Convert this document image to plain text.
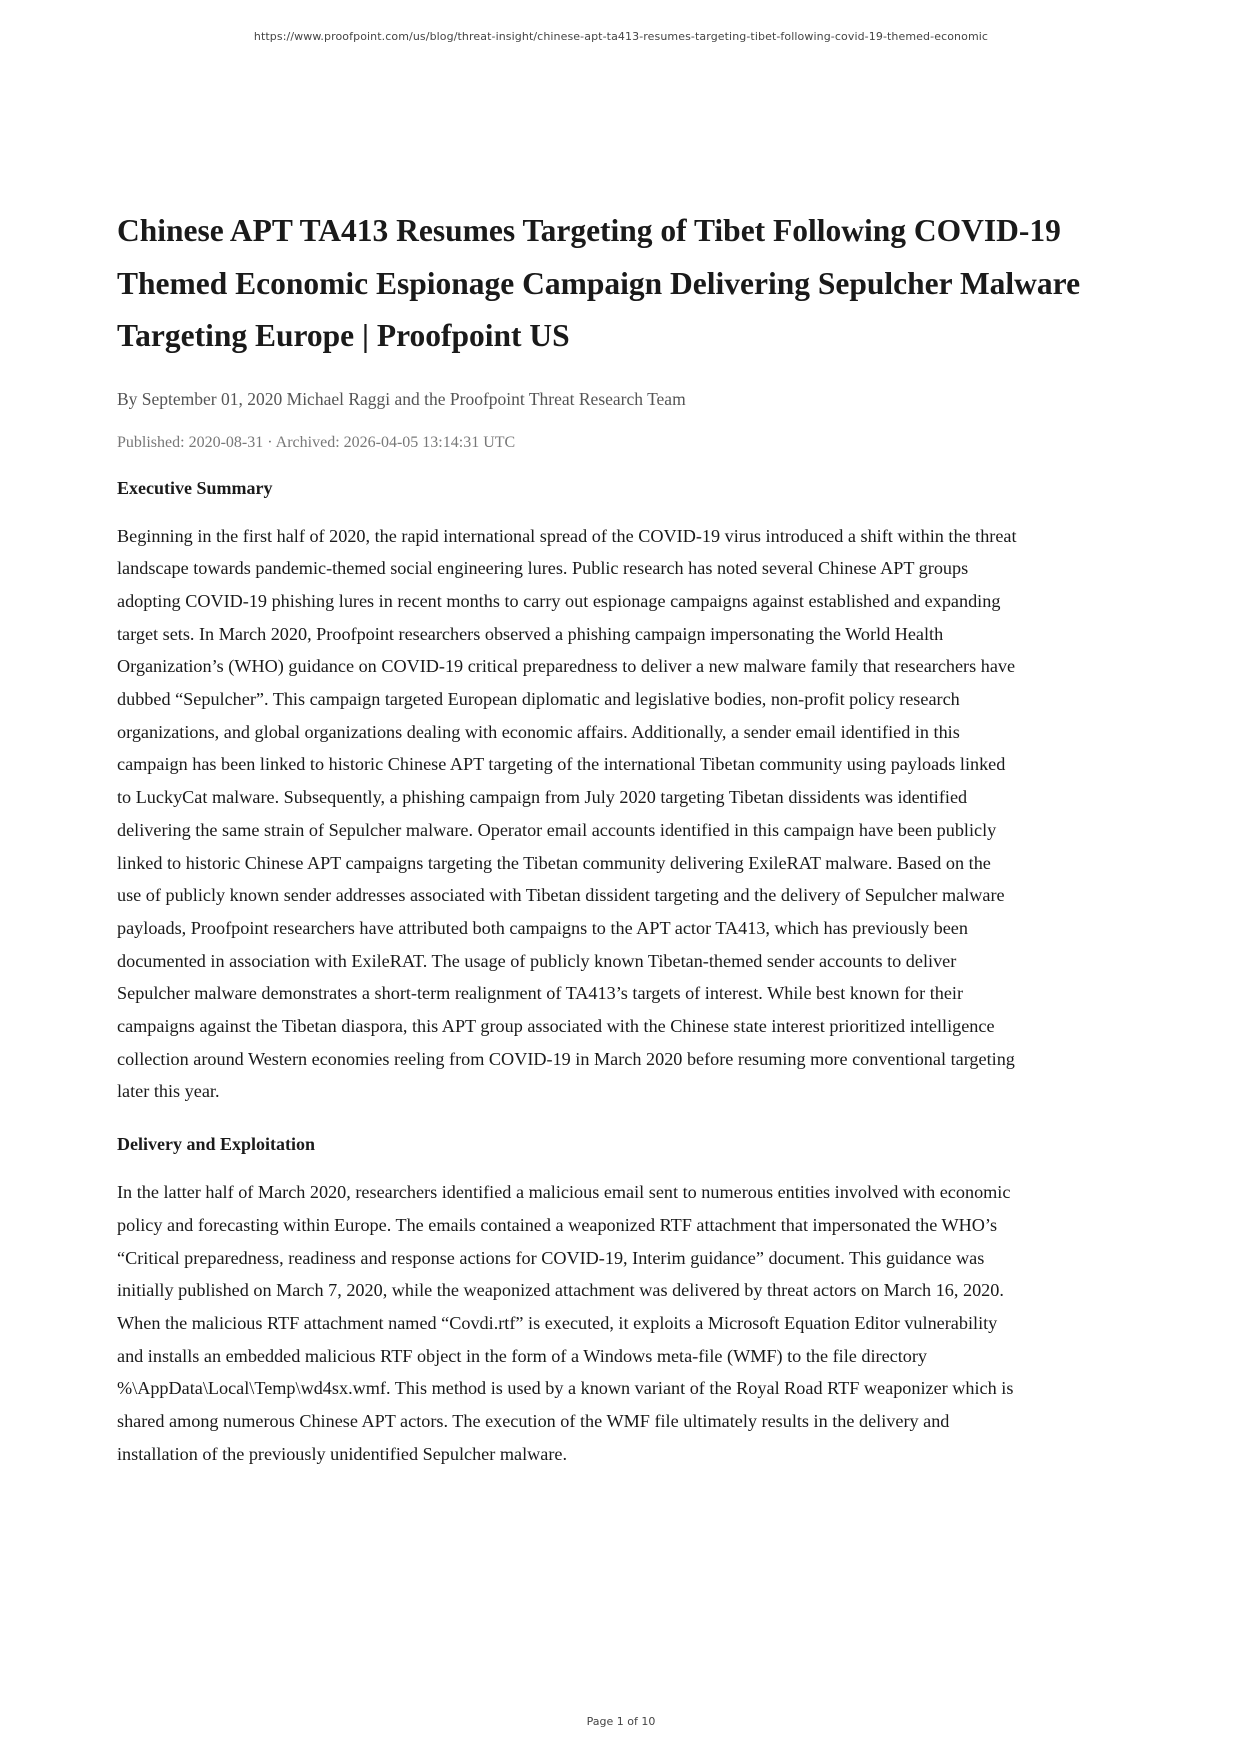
https://www.proofpoint.com/us/blog/threat-insight/chinese-apt-ta413-resumes-targeting-tibet-following-covid-19-themed-economic
Chinese APT TA413 Resumes Targeting of Tibet Following COVID-19 Themed Economic Espionage Campaign Delivering Sepulcher Malware Targeting Europe | Proofpoint US
By September 01, 2020 Michael Raggi and the Proofpoint Threat Research Team
Published: 2020-08-31 · Archived: 2026-04-05 13:14:31 UTC
Executive Summary

Beginning in the first half of 2020, the rapid international spread of the COVID-19 virus introduced a shift within the threat
landscape towards pandemic-themed social engineering lures. Public research has noted several Chinese APT groups
adopting COVID-19 phishing lures in recent months to carry out espionage campaigns against established and expanding
target sets. In March 2020, Proofpoint researchers observed a phishing campaign impersonating the World Health
Organization’s (WHO) guidance on COVID-19 critical preparedness to deliver a new malware family that researchers have
dubbed “Sepulcher”. This campaign targeted European diplomatic and legislative bodies, non-profit policy research
organizations, and global organizations dealing with economic affairs. Additionally, a sender email identified in this
campaign has been linked to historic Chinese APT targeting of the international Tibetan community using payloads linked
to LuckyCat malware. Subsequently, a phishing campaign from July 2020 targeting Tibetan dissidents was identified
delivering the same strain of Sepulcher malware. Operator email accounts identified in this campaign have been publicly
linked to historic Chinese APT campaigns targeting the Tibetan community delivering ExileRAT malware. Based on the
use of publicly known sender addresses associated with Tibetan dissident targeting and the delivery of Sepulcher malware
payloads, Proofpoint researchers have attributed both campaigns to the APT actor TA413, which has previously been
documented in association with ExileRAT. The usage of publicly known Tibetan-themed sender accounts to deliver
Sepulcher malware demonstrates a short-term realignment of TA413’s targets of interest. While best known for their
campaigns against the Tibetan diaspora, this APT group associated with the Chinese state interest prioritized intelligence
collection around Western economies reeling from COVID-19 in March 2020 before resuming more conventional targeting
later this year.

Delivery and Exploitation

In the latter half of March 2020, researchers identified a malicious email sent to numerous entities involved with economic
policy and forecasting within Europe. The emails contained a weaponized RTF attachment that impersonated the WHO’s
“Critical preparedness, readiness and response actions for COVID-19, Interim guidance” document. This guidance was
initially published on March 7, 2020, while the weaponized attachment was delivered by threat actors on March 16, 2020.
When the malicious RTF attachment named “Covdi.rtf” is executed, it exploits a Microsoft Equation Editor vulnerability
and installs an embedded malicious RTF object in the form of a Windows meta-file (WMF) to the file directory
%\AppData\Local\Temp\wd4sx.wmf. This method is used by a known variant of the Royal Road RTF weaponizer which is
shared among numerous Chinese APT actors. The execution of the WMF file ultimately results in the delivery and
installation of the previously unidentified Sepulcher malware.

Page 1 of 10
